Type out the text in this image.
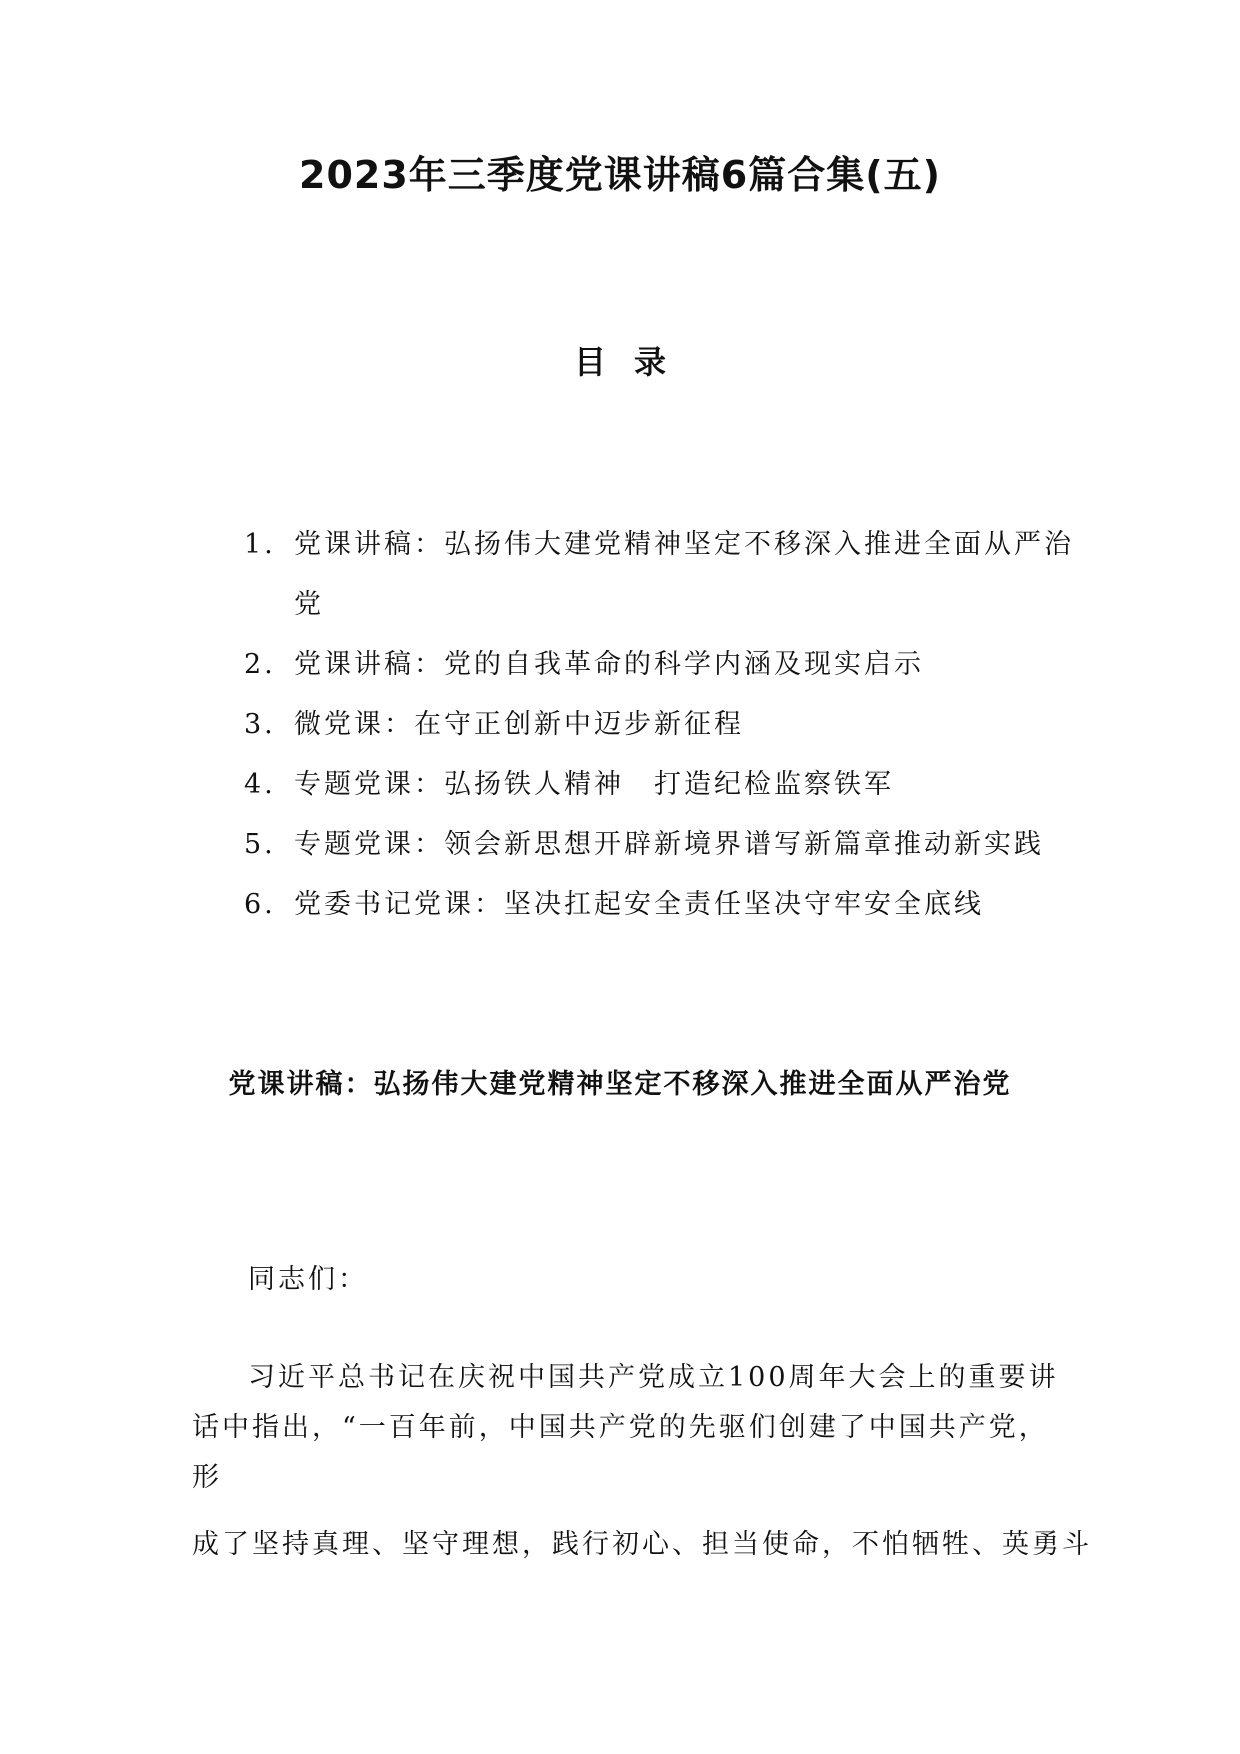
2023年三季度党课讲稿6篇合集(五)
目录
1. 党课讲稿：弘扬伟大建党精神坚定不移深入推进全面从严治
党
2. 党课讲稿：党的自我革命的科学内涵及现实启示
3. 微党课：在守正创新中迈步新征程
4. 专题党课：弘扬铁人精神　打造纪检监察铁军
5. 专题党课：领会新思想开辟新境界谱写新篇章推动新实践
6. 党委书记党课：坚决扛起安全责任坚决守牢安全底线
党课讲稿：弘扬伟大建党精神坚定不移深入推进全面从严治党
同志们：
习近平总书记在庆祝中国共产党成立100周年大会上的重要讲
话中指出，“一百年前，中国共产党的先驱们创建了中国共产党，
形
成了坚持真理、坚守理想，践行初心、担当使命，不怕牺牲、英勇斗
